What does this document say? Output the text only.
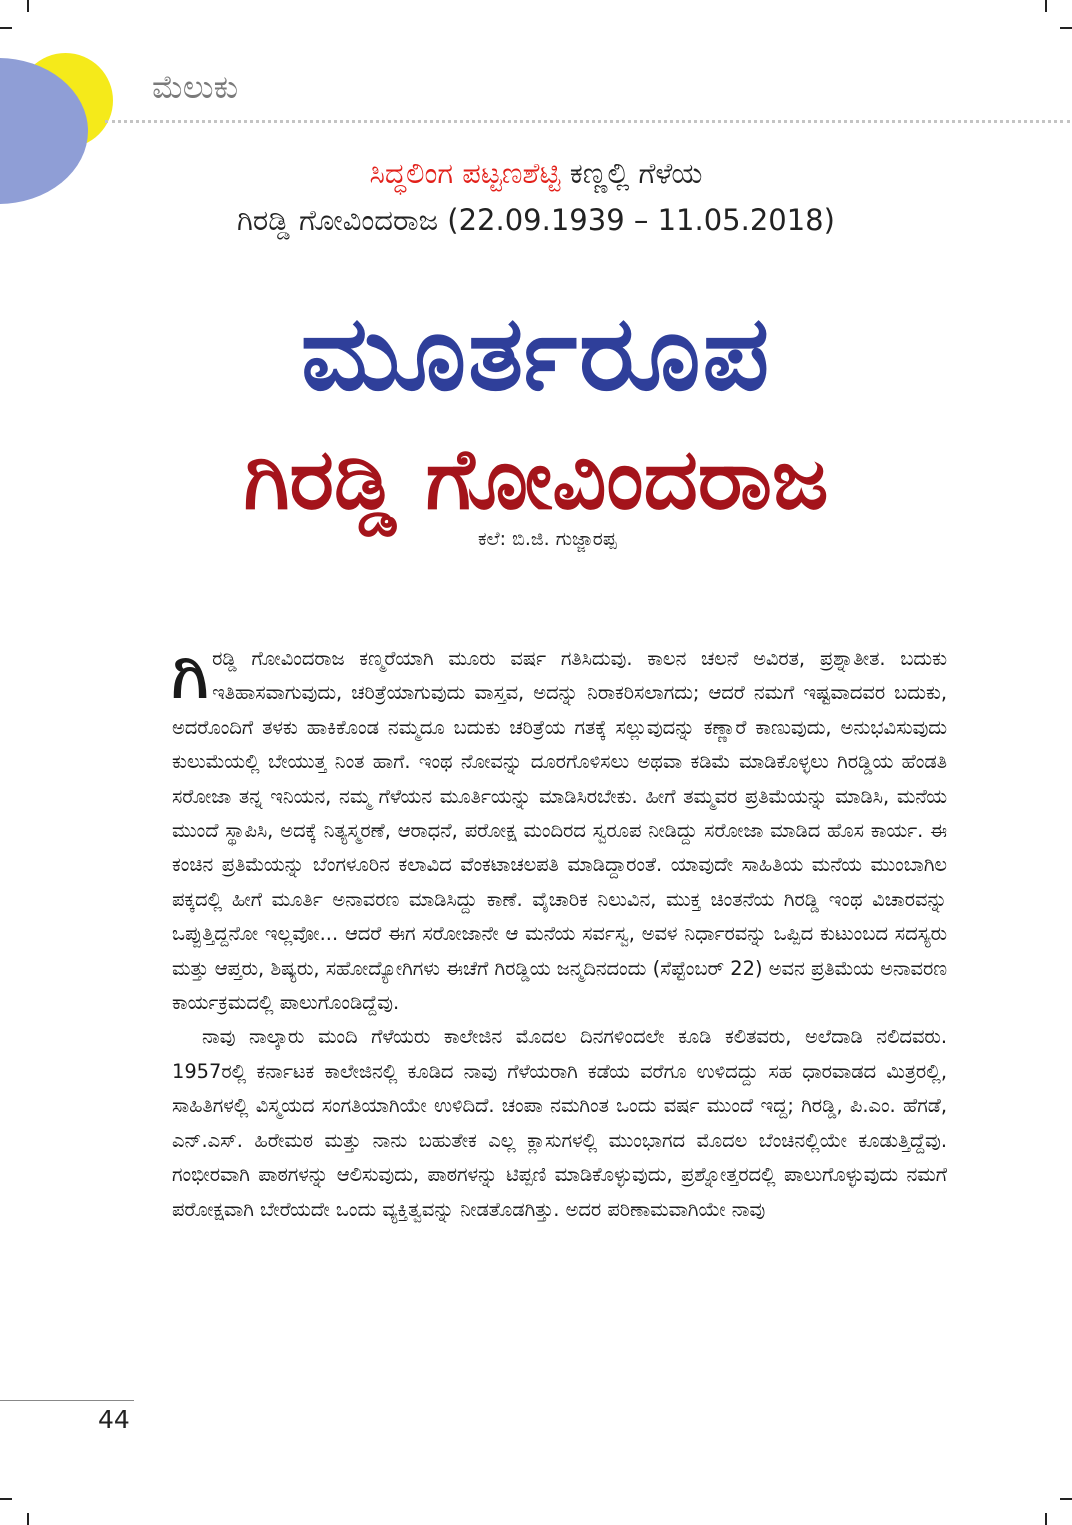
ಮೆಲುಕು
ಸಿದ್ಧಲಿಂಗ ಪಟ್ಟಣಶೆಟ್ಟಿ ಕಣ್ಣಲ್ಲಿ ಗೆಳೆಯ
ಗಿರಡ್ಡಿ ಗೋವಿಂದರಾಜ (22.09.1939 – 11.05.2018)
ಮೂರ್ತರೂಪ
ಗಿರಡ್ಡಿ ಗೋವಿಂದರಾಜ
ಕಲೆ: ಬಿ.ಜಿ. ಗುಜ್ಜಾರಪ್ಪ

ಗಿರಡ್ಡಿ ಗೋವಿಂದರಾಜ ಕಣ್ಮರೆಯಾಗಿ ಮೂರು ವರ್ಷ ಗತಿಸಿದುವು. ಕಾಲನ ಚಲನೆ ಅವಿರತ, ಪ್ರಶ್ನಾತೀತ. ಬದುಕು ಇತಿಹಾಸವಾಗುವುದು, ಚರಿತ್ರೆಯಾಗುವುದು ವಾಸ್ತವ, ಅದನ್ನು ನಿರಾಕರಿಸಲಾಗದು; ಆದರೆ ನಮಗೆ ಇಷ್ಟವಾದವರ ಬದುಕು, ಅದರೊಂದಿಗೆ ತಳಕು ಹಾಕಿಕೊಂಡ ನಮ್ಮದೂ ಬದುಕು ಚರಿತ್ರೆಯ ಗತಕ್ಕೆ ಸಲ್ಲುವುದನ್ನು ಕಣ್ಣಾರೆ ಕಾಣುವುದು, ಅನುಭವಿಸುವುದು ಕುಲುಮೆಯಲ್ಲಿ ಬೇಯುತ್ತ ನಿಂತ ಹಾಗೆ. ಇಂಥ ನೋವನ್ನು ದೂರಗೊಳಿಸಲು ಅಥವಾ ಕಡಿಮೆ ಮಾಡಿಕೊಳ್ಳಲು ಗಿರಡ್ಡಿಯ ಹೆಂಡತಿ ಸರೋಜಾ ತನ್ನ ಇನಿಯನ, ನಮ್ಮ ಗೆಳೆಯನ ಮೂರ್ತಿಯನ್ನು ಮಾಡಿಸಿರಬೇಕು. ಹೀಗೆ ತಮ್ಮವರ ಪ್ರತಿಮೆಯನ್ನು ಮಾಡಿಸಿ, ಮನೆಯ ಮುಂದೆ ಸ್ಥಾಪಿಸಿ, ಅದಕ್ಕೆ ನಿತ್ಯಸ್ಮರಣೆ, ಆರಾಧನೆ, ಪರೋಕ್ಷ ಮಂದಿರದ ಸ್ವರೂಪ ನೀಡಿದ್ದು ಸರೋಜಾ ಮಾಡಿದ ಹೊಸ ಕಾರ್ಯ. ಈ ಕಂಚಿನ ಪ್ರತಿಮೆಯನ್ನು ಬೆಂಗಳೂರಿನ ಕಲಾವಿದ ವೆಂಕಟಾಚಲಪತಿ ಮಾಡಿದ್ದಾರಂತೆ. ಯಾವುದೇ ಸಾಹಿತಿಯ ಮನೆಯ ಮುಂಬಾಗಿಲ ಪಕ್ಕದಲ್ಲಿ ಹೀಗೆ ಮೂರ್ತಿ ಅನಾವರಣ ಮಾಡಿಸಿದ್ದು ಕಾಣೆ. ವೈಚಾರಿಕ ನಿಲುವಿನ, ಮುಕ್ತ ಚಿಂತನೆಯ ಗಿರಡ್ಡಿ ಇಂಥ ವಿಚಾರವನ್ನು ಒಪ್ಪುತ್ತಿದ್ದನೋ ಇಲ್ಲವೋ... ಆದರೆ ಈಗ ಸರೋಜಾನೇ ಆ ಮನೆಯ ಸರ್ವಸ್ವ, ಅವಳ ನಿರ್ಧಾರವನ್ನು ಒಪ್ಪಿದ ಕುಟುಂಬದ ಸದಸ್ಯರು ಮತ್ತು ಆಪ್ತರು, ಶಿಷ್ಯರು, ಸಹೋದ್ಯೋಗಿಗಳು ಈಚೆಗೆ ಗಿರಡ್ಡಿಯ ಜನ್ಮದಿನದಂದು (ಸೆಪ್ಟೆಂಬರ್ 22) ಅವನ ಪ್ರತಿಮೆಯ ಅನಾವರಣ ಕಾರ್ಯಕ್ರಮದಲ್ಲಿ ಪಾಲುಗೊಂಡಿದ್ದೆವು.

ನಾವು ನಾಲ್ಕಾರು ಮಂದಿ ಗೆಳೆಯರು ಕಾಲೇಜಿನ ಮೊದಲ ದಿನಗಳಿಂದಲೇ ಕೂಡಿ ಕಲಿತವರು, ಅಲೆದಾಡಿ ನಲಿದವರು. 1957ರಲ್ಲಿ ಕರ್ನಾಟಕ ಕಾಲೇಜಿನಲ್ಲಿ ಕೂಡಿದ ನಾವು ಗೆಳೆಯರಾಗಿ ಕಡೆಯ ವರೆಗೂ ಉಳಿದದ್ದು ಸಹ ಧಾರವಾಡದ ಮಿತ್ರರಲ್ಲಿ, ಸಾಹಿತಿಗಳಲ್ಲಿ ವಿಸ್ಮಯದ ಸಂಗತಿಯಾಗಿಯೇ ಉಳಿದಿದೆ. ಚಂಪಾ ನಮಗಿಂತ ಒಂದು ವರ್ಷ ಮುಂದೆ ಇದ್ದ; ಗಿರಡ್ಡಿ, ಪಿ.ಎಂ. ಹೆಗಡೆ, ಎನ್.ಎಸ್. ಹಿರೇಮಠ ಮತ್ತು ನಾನು ಬಹುತೇಕ ಎಲ್ಲ ಕ್ಲಾಸುಗಳಲ್ಲಿ ಮುಂಭಾಗದ ಮೊದಲ ಬೆಂಚಿನಲ್ಲಿಯೇ ಕೂಡುತ್ತಿದ್ದೆವು. ಗಂಭೀರವಾಗಿ ಪಾಠಗಳನ್ನು ಆಲಿಸುವುದು, ಪಾಠಗಳನ್ನು ಟಿಪ್ಪಣಿ ಮಾಡಿಕೊಳ್ಳುವುದು, ಪ್ರಶ್ನೋತ್ತರದಲ್ಲಿ ಪಾಲುಗೊಳ್ಳುವುದು ನಮಗೆ ಪರೋಕ್ಷವಾಗಿ ಬೇರೆಯದೇ ಒಂದು ವ್ಯಕ್ತಿತ್ವವನ್ನು ನೀಡತೊಡಗಿತ್ತು. ಅದರ ಪರಿಣಾಮವಾಗಿಯೇ ನಾವು

44
